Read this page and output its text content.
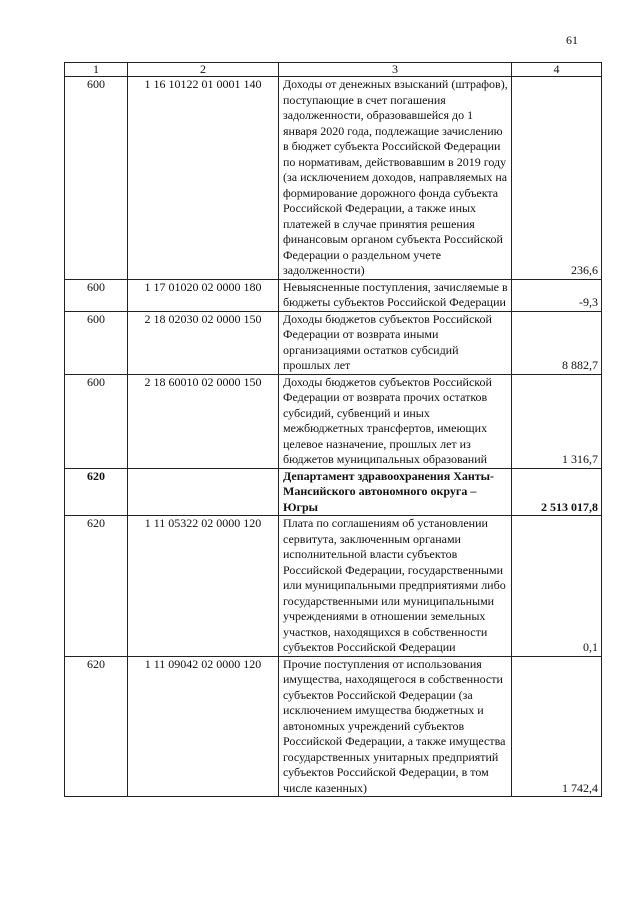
61
1	2	3	4
600	1 16 10122 01 0001 140	Доходы от денежных взысканий (штрафов), поступающие в счет погашения задолженности, образовавшейся до 1 января 2020 года, подлежащие зачислению в бюджет субъекта Российской Федерации по нормативам, действовавшим в 2019 году (за исключением доходов, направляемых на формирование дорожного фонда субъекта Российской Федерации, а также иных платежей в случае принятия решения финансовым органом субъекта Российской Федерации о раздельном учете задолженности)	236,6
600	1 17 01020 02 0000 180	Невыясненные поступления, зачисляемые в бюджеты субъектов Российской Федерации	-9,3
600	2 18 02030 02 0000 150	Доходы бюджетов субъектов Российской Федерации от возврата иными организациями остатков субсидий прошлых лет	8 882,7
600	2 18 60010 02 0000 150	Доходы бюджетов субъектов Российской Федерации от возврата прочих остатков субсидий, субвенций и иных межбюджетных трансфертов, имеющих целевое назначение, прошлых лет из бюджетов муниципальных образований	1 316,7
620		Департамент здравоохранения Ханты-Мансийского автономного округа – Югры	2 513 017,8
620	1 11 05322 02 0000 120	Плата по соглашениям об установлении сервитута, заключенным органами исполнительной власти субъектов Российской Федерации, государственными или муниципальными предприятиями либо государственными или муниципальными учреждениями в отношении земельных участков, находящихся в собственности субъектов Российской Федерации	0,1
620	1 11 09042 02 0000 120	Прочие поступления от использования имущества, находящегося в собственности субъектов Российской Федерации (за исключением имущества бюджетных и автономных учреждений субъектов Российской Федерации, а также имущества государственных унитарных предприятий субъектов Российской Федерации, в том числе казенных)	1 742,4
